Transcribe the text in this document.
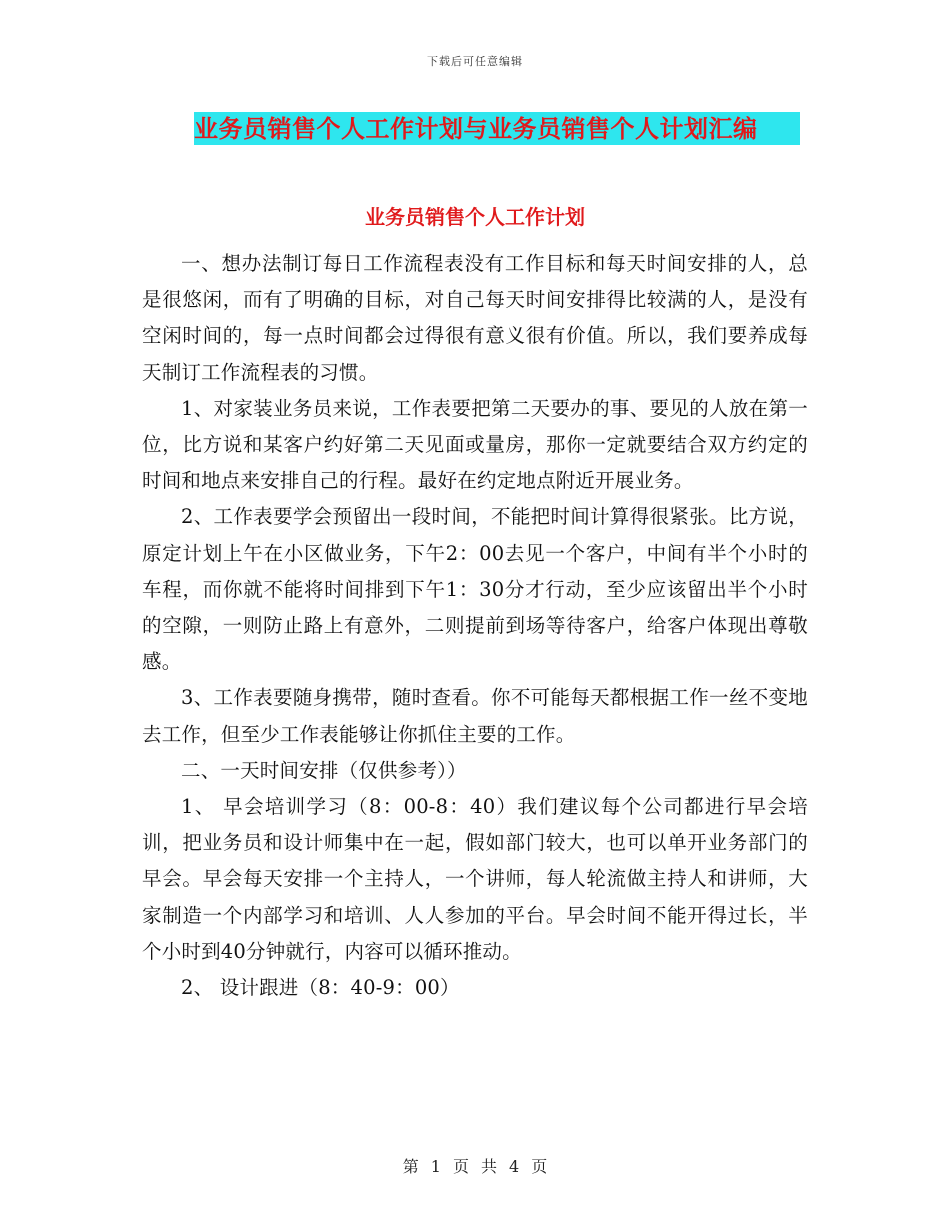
下载后可任意编辑
业务员销售个人工作计划与业务员销售个人计划汇编
业务员销售个人工作计划

一、想办法制订每日工作流程表没有工作目标和每天时间安排的人，总是很悠闲，而有了明确的目标，对自己每天时间安排得比较满的人，是没有空闲时间的，每一点时间都会过得很有意义很有价值。所以，我们要养成每天制订工作流程表的习惯。

1、对家装业务员来说，工作表要把第二天要办的事、要见的人放在第一位，比方说和某客户约好第二天见面或量房，那你一定就要结合双方约定的时间和地点来安排自己的行程。最好在约定地点附近开展业务。

2、工作表要学会预留出一段时间，不能把时间计算得很紧张。比方说，原定计划上午在小区做业务，下午2：00去见一个客户，中间有半个小时的车程，而你就不能将时间排到下午1：30分才行动，至少应该留出半个小时的空隙，一则防止路上有意外，二则提前到场等待客户，给客户体现出尊敬感。

3、工作表要随身携带，随时查看。你不可能每天都根据工作一丝不变地去工作，但至少工作表能够让你抓住主要的工作。

二、一天时间安排（仅供参考））

1、 早会培训学习（8：00-8：40）我们建议每个公司都进行早会培训，把业务员和设计师集中在一起，假如部门较大，也可以单开业务部门的早会。早会每天安排一个主持人，一个讲师，每人轮流做主持人和讲师，大家制造一个内部学习和培训、人人参加的平台。早会时间不能开得过长，半个小时到40分钟就行，内容可以循环推动。

2、 设计跟进（8：40-9：00）

第 1 页 共 4 页
